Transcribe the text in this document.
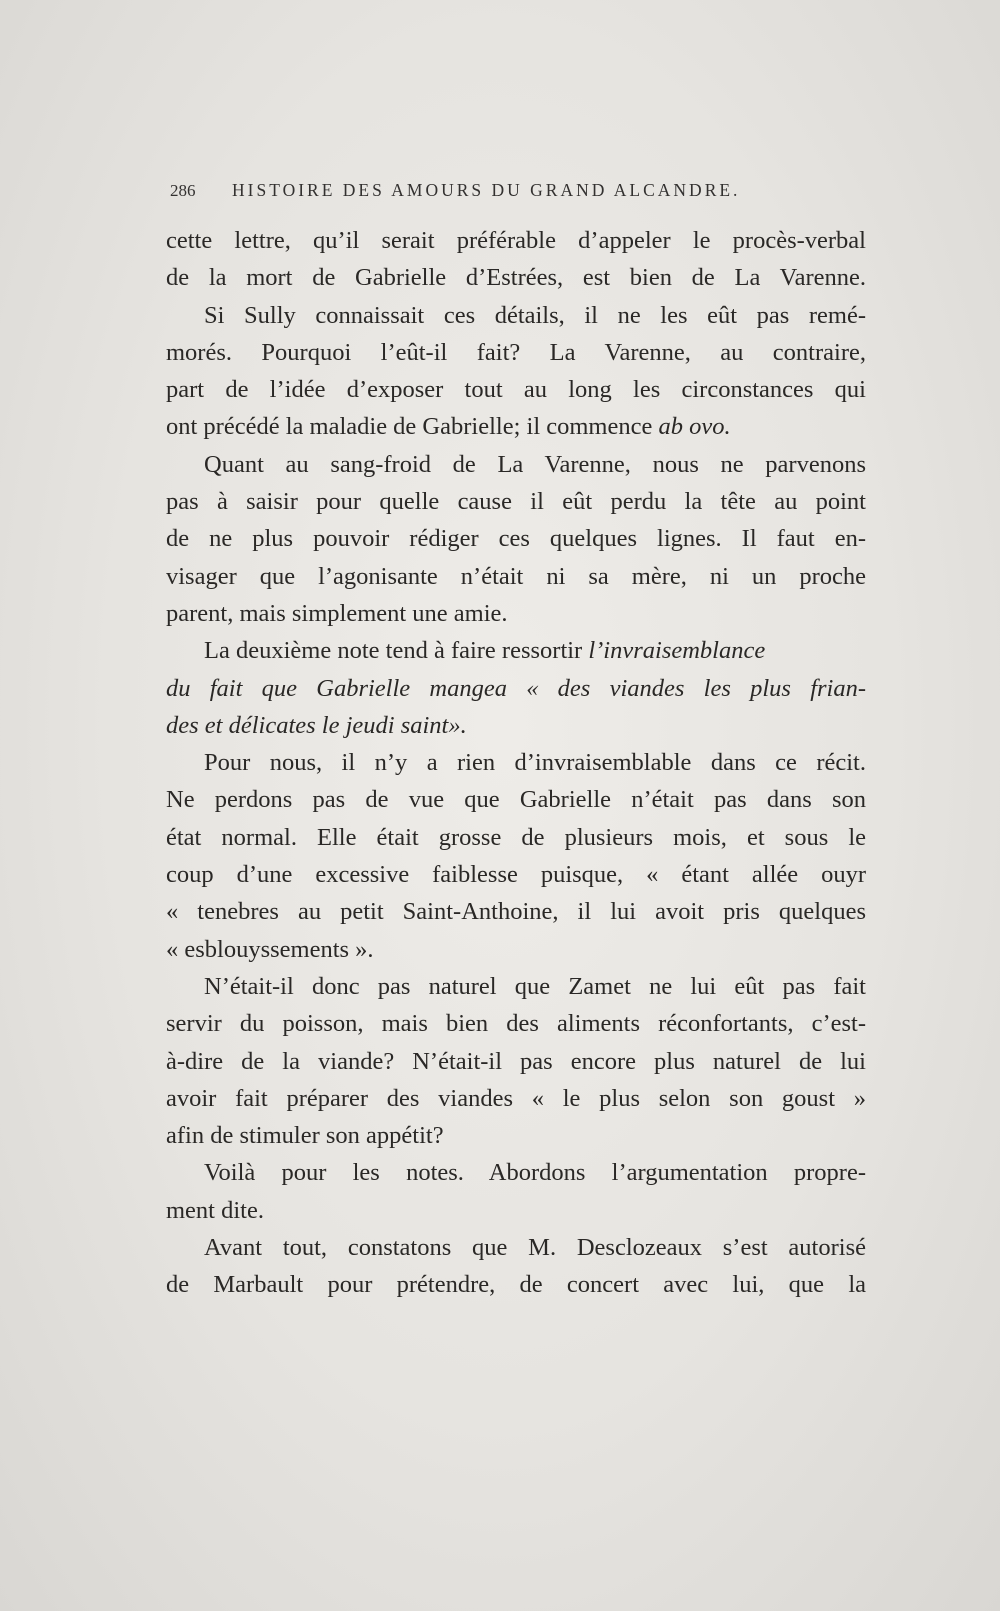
286 HISTOIRE DES AMOURS DU GRAND ALCANDRE.
cette lettre, qu’il serait préférable d’appeler le procès-verbal
de la mort de Gabrielle d’Estrées, est bien de La Varenne.
Si Sully connaissait ces détails, il ne les eût pas remé-
morés. Pourquoi l’eût-il fait? La Varenne, au contraire,
part de l’idée d’exposer tout au long les circonstances qui
ont précédé la maladie de Gabrielle; il commence ab ovo.
Quant au sang-froid de La Varenne, nous ne parvenons
pas à saisir pour quelle cause il eût perdu la tête au point
de ne plus pouvoir rédiger ces quelques lignes. Il faut en-
visager que l’agonisante n’était ni sa mère, ni un proche
parent, mais simplement une amie.
La deuxième note tend à faire ressortir l’invraisemblance
du fait que Gabrielle mangea « des viandes les plus frian-
des et délicates le jeudi saint».
Pour nous, il n’y a rien d’invraisemblable dans ce récit.
Ne perdons pas de vue que Gabrielle n’était pas dans son
état normal. Elle était grosse de plusieurs mois, et sous le
coup d’une excessive faiblesse puisque, « étant allée ouyr
« tenebres au petit Saint-Anthoine, il lui avoit pris quelques
« esblouyssements ».
N’était-il donc pas naturel que Zamet ne lui eût pas fait
servir du poisson, mais bien des aliments réconfortants, c’est-
à-dire de la viande? N’était-il pas encore plus naturel de lui
avoir fait préparer des viandes « le plus selon son goust »
afin de stimuler son appétit?
Voilà pour les notes. Abordons l’argumentation propre-
ment dite.
Avant tout, constatons que M. Desclozeaux s’est autorisé
de Marbault pour prétendre, de concert avec lui, que la
